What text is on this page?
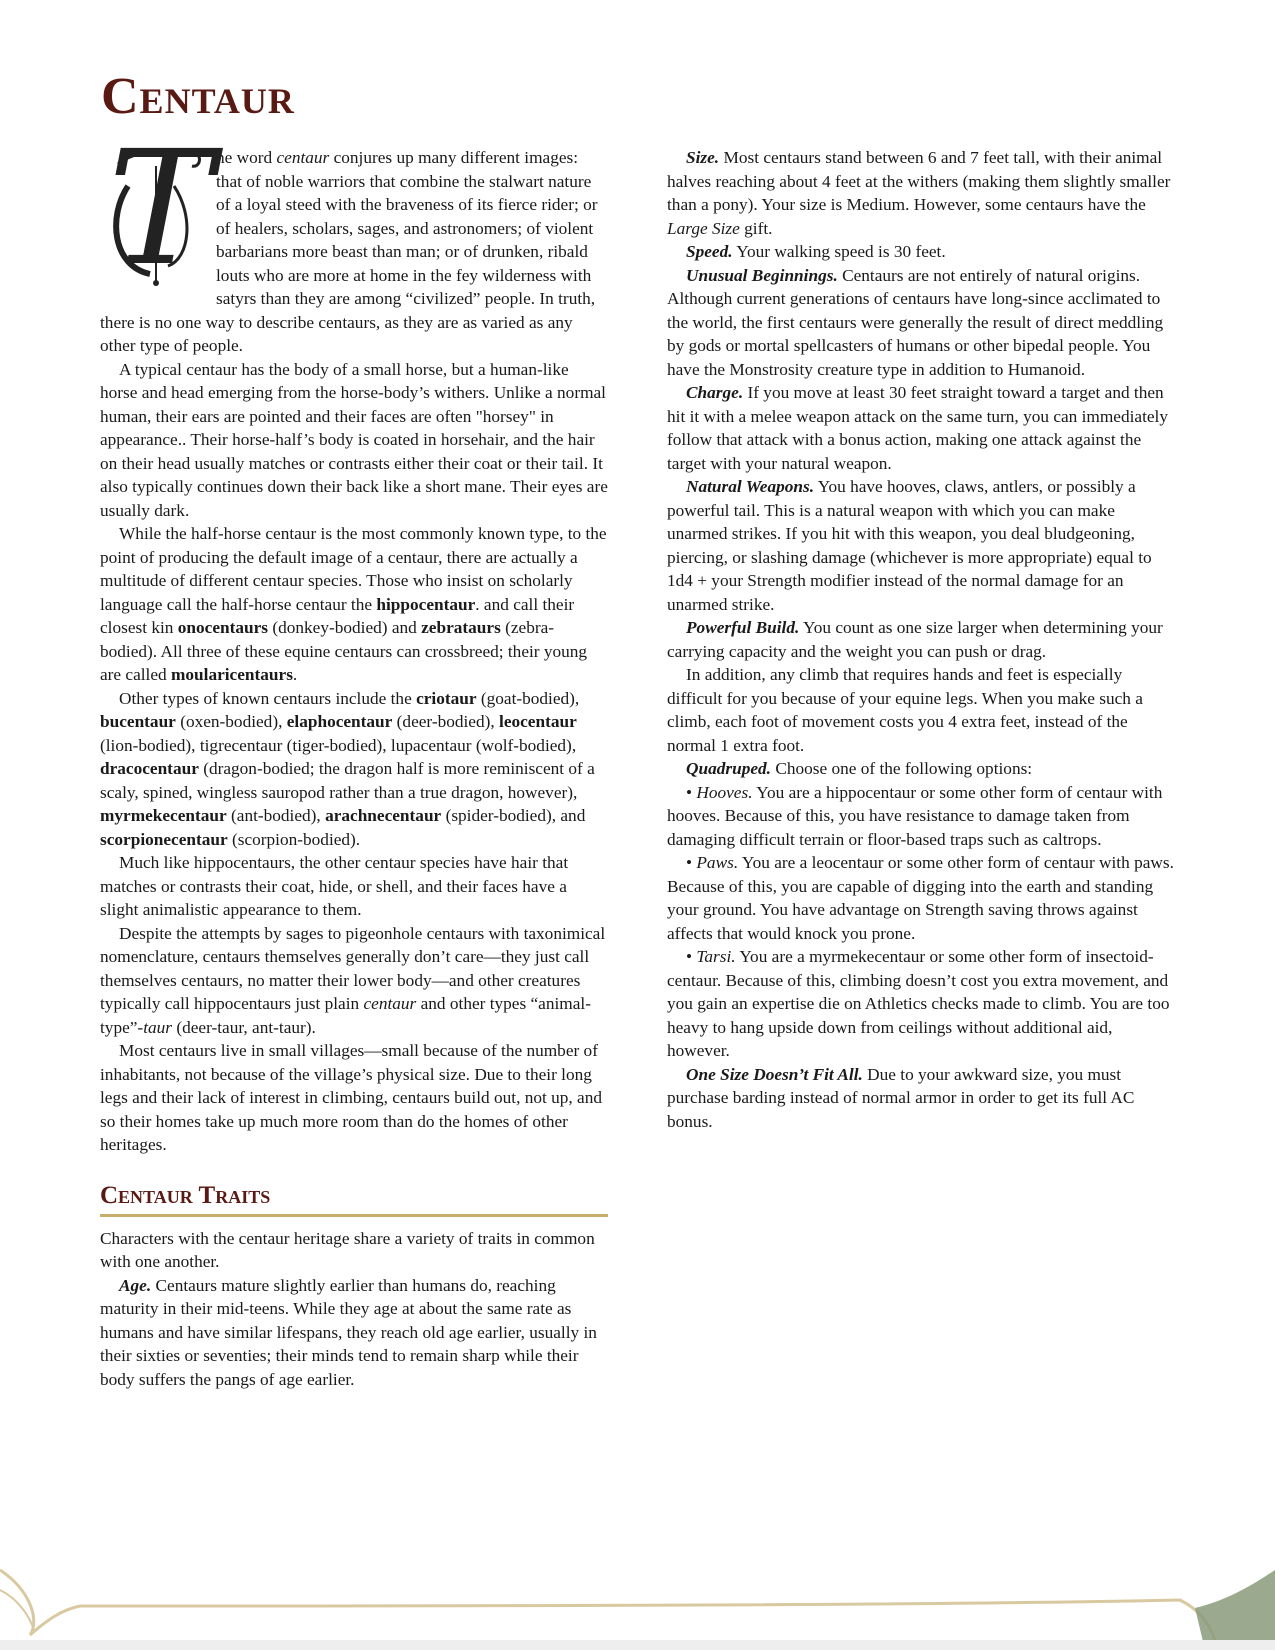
Centaur

T he word centaur conjures up many different images: that of noble warriors that combine the stalwart nature of a loyal steed with the braveness of its fierce rider; or of healers, scholars, sages, and astronomers; of violent barbarians more beast than man; or of drunken, ribald louts who are more at home in the fey wilderness with satyrs than they are among “civilized” people. In truth, there is no one way to describe centaurs, as they are as varied as any other type of people.

A typical centaur has the body of a small horse, but a human-like horse and head emerging from the horse-body’s withers. Unlike a normal human, their ears are pointed and their faces are often "horsey" in appearance.. Their horse-half’s body is coated in horsehair, and the hair on their head usually matches or contrasts either their coat or their tail. It also typically continues down their back like a short mane. Their eyes are usually dark.

While the half-horse centaur is the most commonly known type, to the point of producing the default image of a centaur, there are actually a multitude of different centaur species. Those who insist on scholarly language call the half-horse centaur the hippocentaur. and call their closest kin onocentaurs (donkey-bodied) and zebrataurs (zebra-bodied). All three of these equine centaurs can crossbreed; their young are called moularicentaurs.

Other types of known centaurs include the criotaur (goat-bodied), bucentaur (oxen-bodied), elaphocentaur (deer-bodied), leocentaur (lion-bodied), tigrecentaur (tiger-bodied), lupacentaur (wolf-bodied), dracocentaur (dragon-bodied; the dragon half is more reminiscent of a scaly, spined, wingless sauropod rather than a true dragon, however), myrmekecentaur (ant-bodied), arachnecentaur (spider-bodied), and scorpionecentaur (scorpion-bodied).

Much like hippocentaurs, the other centaur species have hair that matches or contrasts their coat, hide, or shell, and their faces have a slight animalistic appearance to them.

Despite the attempts by sages to pigeonhole centaurs with taxonimical nomenclature, centaurs themselves generally don’t care—they just call themselves centaurs, no matter their lower body—and other creatures typically call hippocentaurs just plain centaur and other types “animal-type”-taur (deer-taur, ant-taur).

Most centaurs live in small villages—small because of the number of inhabitants, not because of the village’s physical size. Due to their long legs and their lack of interest in climbing, centaurs build out, not up, and so their homes take up much more room than do the homes of other heritages.

Centaur Traits

Characters with the centaur heritage share a variety of traits in common with one another.

Age. Centaurs mature slightly earlier than humans do, reaching maturity in their mid-teens. While they age at about the same rate as humans and have similar lifespans, they reach old age earlier, usually in their sixties or seventies; their minds tend to remain sharp while their body suffers the pangs of age earlier.

Size. Most centaurs stand between 6 and 7 feet tall, with their animal halves reaching about 4 feet at the withers (making them slightly smaller than a pony). Your size is Medium. However, some centaurs have the Large Size gift.

Speed. Your walking speed is 30 feet.

Unusual Beginnings. Centaurs are not entirely of natural origins. Although current generations of centaurs have long-since acclimated to the world, the first centaurs were generally the result of direct meddling by gods or mortal spellcasters of humans or other bipedal people. You have the Monstrosity creature type in addition to Humanoid.

Charge. If you move at least 30 feet straight toward a target and then hit it with a melee weapon attack on the same turn, you can immediately follow that attack with a bonus action, making one attack against the target with your natural weapon.

Natural Weapons. You have hooves, claws, antlers, or possibly a powerful tail. This is a natural weapon with which you can make unarmed strikes. If you hit with this weapon, you deal bludgeoning, piercing, or slashing damage (whichever is more appropriate) equal to 1d4 + your Strength modifier instead of the normal damage for an unarmed strike.

Powerful Build. You count as one size larger when determining your carrying capacity and the weight you can push or drag.

In addition, any climb that requires hands and feet is especially difficult for you because of your equine legs. When you make such a climb, each foot of movement costs you 4 extra feet, instead of the normal 1 extra foot.

Quadruped. Choose one of the following options:

• Hooves. You are a hippocentaur or some other form of centaur with hooves. Because of this, you have resistance to damage taken from damaging difficult terrain or floor-based traps such as caltrops.

• Paws. You are a leocentaur or some other form of centaur with paws. Because of this, you are capable of digging into the earth and standing your ground. You have advantage on Strength saving throws against affects that would knock you prone.

• Tarsi. You are a myrmekecentaur or some other form of insectoid-centaur. Because of this, climbing doesn’t cost you extra movement, and you gain an expertise die on Athletics checks made to climb. You are too heavy to hang upside down from ceilings without additional aid, however.

One Size Doesn’t Fit All. Due to your awkward size, you must purchase barding instead of normal armor in order to get its full AC bonus.
